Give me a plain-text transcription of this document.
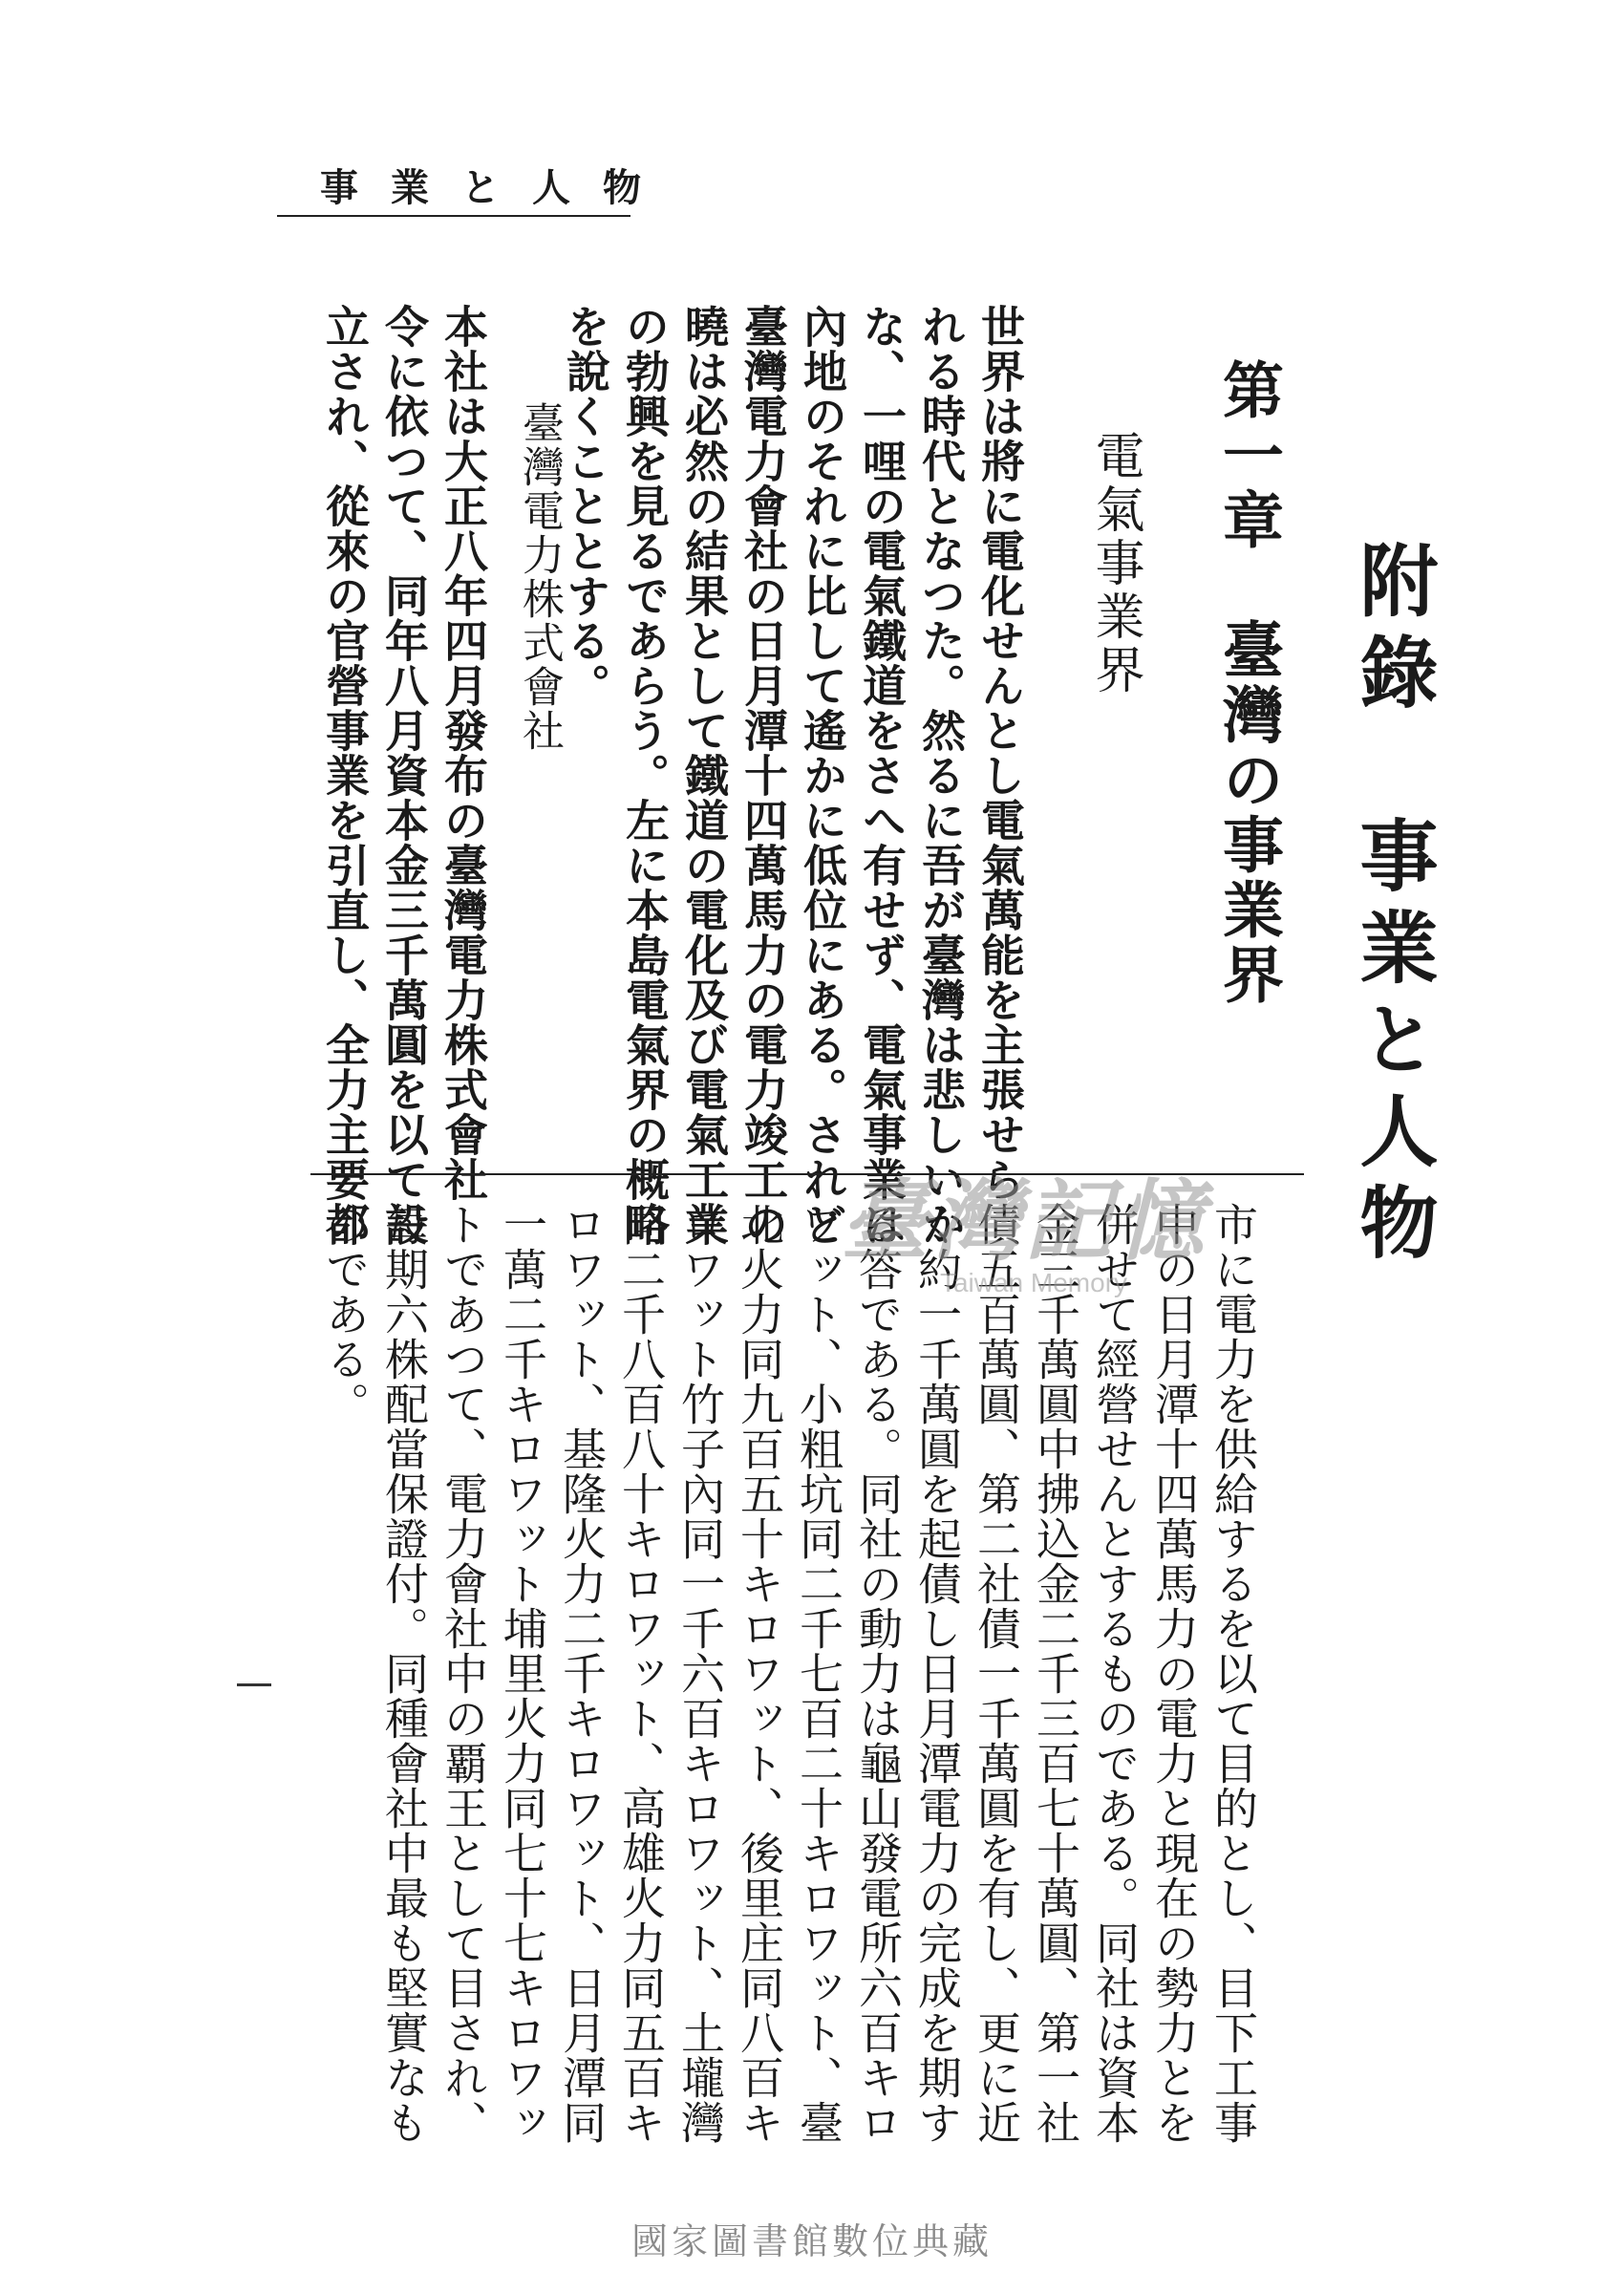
事業と人物
附錄　事業と人物
第一章　臺灣の事業界
電氣事業界
世界は將に電化せんとし電氣萬能を主張せら
れる時代となつた。然るに吾が臺灣は悲しいか
な、一哩の電氣鐵道をさへ有せず、電氣事業は
內地のそれに比して遙かに低位にある。されど
臺灣電力會社の日月潭十四萬馬力の電力竣工の
曉は必然の結果として鐵道の電化及び電氣工業
の勃興を見るであらう。左に本島電氣界の概略
を說くこととする。
臺灣電力株式會社
本社は大正八年四月發布の臺灣電力株式會社
令に依つて、同年八月資本金三千萬圓を以て設
立され、從來の官營事業を引直し、全力主要都
市に電力を供給するを以て目的とし、目下工事
中の日月潭十四萬馬力の電力と現在の勢力とを
併せて經營せんとするものである。同社は資本
金三千萬圓中拂込金二千三百七十萬圓、第一社
債五百萬圓、第二社債一千萬圓を有し、更に近
く約一千萬圓を起債し日月潭電力の完成を期す
る答である。同社の動力は龜山發電所六百キロ
ワット、小粗坑同二千七百二十キロワット、臺
北火力同九百五十キロワット、後里庄同八百キ
ロワット竹子內同一千六百キロワット、土壠灣
同二千八百八十キロワット、高雄火力同五百キ
ロワット、基隆火力二千キロワット、日月潭同
一萬二千キロワット埔里火力同七十七キロワッ
トであつて、電力會社中の覇王として目され、
每期六株配當保證付。同種會社中最も堅實なも
のである。	臺灣記憶
Taiwan Memory
國家圖書館數位典藏
